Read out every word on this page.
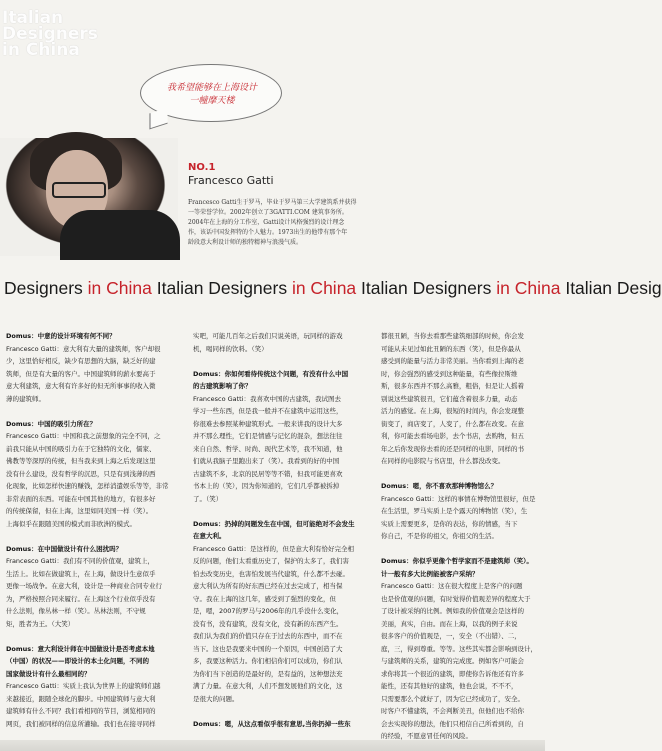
Italian
Designers
in China
我希望能够在上海设计
一幢摩天楼
NO.1
Francesco Gatti
Francesco Gatti生于罗马，毕业于罗马第三大学建筑系并获得
一等荣誉学位。2002年创立了3GATTI.COM 建筑事务所。
2004年在上海的分工作室，Gatti设计风格强烈的设计理念
作，该话中国发挥特的个人魅力。1973出生的他带有那个年
龄段意大利设计师的独特精神与浪漫气质。
Designers in China Italian Designers in China Italian Designers in China Italian Desig
Domus：中意的设计环境有何不同？
Francesco Gatti：意大利有大量的建筑师，客户却很
少，这里恰好相反，缺少有思想的大脑，缺乏好的建
筑师，但是有大量的客户。中国建筑师的薪水要高于
意大利建筑，意大利有许多好的但无所事事的收入微
薄的建筑师。

Domus：中国的吸引力所在？
Francesco Gatti：中国和我之前想象的完全不同，之
前我只能从中国的吸引力在于它独特的文化，儒家、
佛教等等深厚的传统，但当我来到上海之后发现这里
没有什么建设，没有哲学的沉思，只是有到浅薄的西
化现象，比如怎样快速的赚钱，怎样消遣娱乐等等，非常
非常表面的东西。可能在中国其他的地方，有很多好
的传统保留，但在上海，这里如同美国一样（笑）。
上海似乎在跟随美国的模式而非欧洲的模式。

Domus：在中国做设计有什么困扰吗？
Francesco Gatti：我们有不同的价值观，建筑上，
生活上。比如在做建筑上，在上海，做设计生意似乎
更像一场战争。在意大利，设计是一种商业合同专业行
为，严格按照合同来履行。在上海这个行业似乎没有
什么法则，像丛林一样（笑）。丛林法则，不守规
矩，胜者为王。（大笑）

Domus：意大利设计师在中国做设计是否考虑本地
（中国）的状况——即设计的本土化问题，不同的
国家做设计有什么最相同的？
Francesco Gatti：实质上我认为世界上的建筑师们越
来越接近，跟随全球化的脚步。中国建筑师与意大利
建筑师有什么不同？我们看相同的节目，浏览相同的
网页，我们被同样的信息所灌输。我们也在接寻同样
实吧，可能几百年之后我们只说英语，玩同样的游戏
机，喝同样的饮料。（笑）

Domus：你如何看待传统这个问题，有没有什么中国
的古建筑影响了你？
Francesco Gatti：我喜欢中国的古建筑，我试图去
学习一些东西，但是我一般并不在建筑中运用这些，
你很难去参照某种建筑形式。一般来讲我的设计大多
并不那么理性，它们是情感与记忆的混杂，想法往往
来自自然、哲学、时尚、现代艺术等，我不知道，他
们就从我脑子里跑出来了（笑）。我看到的好的中国
古建筑不多，北京的民居等等不错，但我可能更喜欢
书本上的（笑），因为你知道的，它们几乎都被拆掉
了。（笑）

Domus：扔掉的问题发生在中国，但可能绝对不会发生
在意大利。
Francesco Gatti：是这样的，但是意大利有恰好完全相
反的问题，他们太看重历史了，保护的太多了，我们害
怕去改变历史，也害怕发展当代建筑，什么都不去碰。
意大利认为所有的好东西已经在过去完成了，相当保
守。我在上海的这几年，感受到了强烈的变化，但
是，嗯，2007的罗马与2006年的几乎没什么变化，
没有书，没有建筑，没有文化，没有新的东西产生。
我们认为我们的价值只存在于过去的东西中，而不在
当下。这也是我要来中国的一个原因，中国创造了大
多，我要这种活力。你们相信你们可以成功，你们认
为你们当下创造的是最好的，是有益的，这种想法充
满了力量。在意大利，人们不想发展他们的文化，这
是很大的问题。

Domus：嗯，从这点看似乎很有意思,当你扔掉一些东
都很丑陋，当你去看那些建筑细部的时候，你会发
可能从未见过如此丑陋的东西（笑），但是你最从
感受到的能量与活力非常美丽。当你看到上海的老
时，你会强烈的感受到这种能量，有些像拉斯维
斯，很多东西并不那么高雅，粗俗，但是让人摇着
别说这些建筑很丑，它们蕴含着很多力量，动态
活力的感觉。在上海，很短的时间内，你会发现整
街变了，商店变了，人变了，什么都在改变。在意
利，你可能去看场电影，去个书店，去购物，但五
年之后你发现你去看的还是同样的电影，同样的书
在同样的电影院与书店里，什么都没改变。

Domus：嗯，你不喜欢那种博物馆么？
Francesco Gatti：这样的事情在博物馆里很好，但是
在生活里，罗马实质上是个露天的博物馆（笑），生
实质上需要更多，是你的表达，你的情感，当下
你自己，不是你的祖父，你祖父的生活。

Domus：你似乎更像个哲学家而不是建筑师（笑）。
计一般有多大比例能被客户采纳？
Francesco Gatti：这在很大程度上是客户的问题
也是价值观的问题，有时觉得价值观差异的程度大于
了设计被采纳的比例。例如我的价值观会是这样的
美丽，真实，自由。而在上海，以我的例子来说
很多客户的价值观是，一，安全（不出错）、二，
庭，三，得到尊重。等等。这些其实都会影响到设计，
与建筑师的关系，建筑的完成度。例如客户可能会
求你将其一个很近的建筑，即使你告诉他还有许多
能性，还有其他好的建筑，他也会说，不不不，
只需要那么个就好了，因为它已经成功了，安全。
时客户不懂建筑，不会判断美丑，但他们也不给你
会去实现你的想法，他们只相信自己所看到的，自
的经验，不愿意冒任何的风险。
